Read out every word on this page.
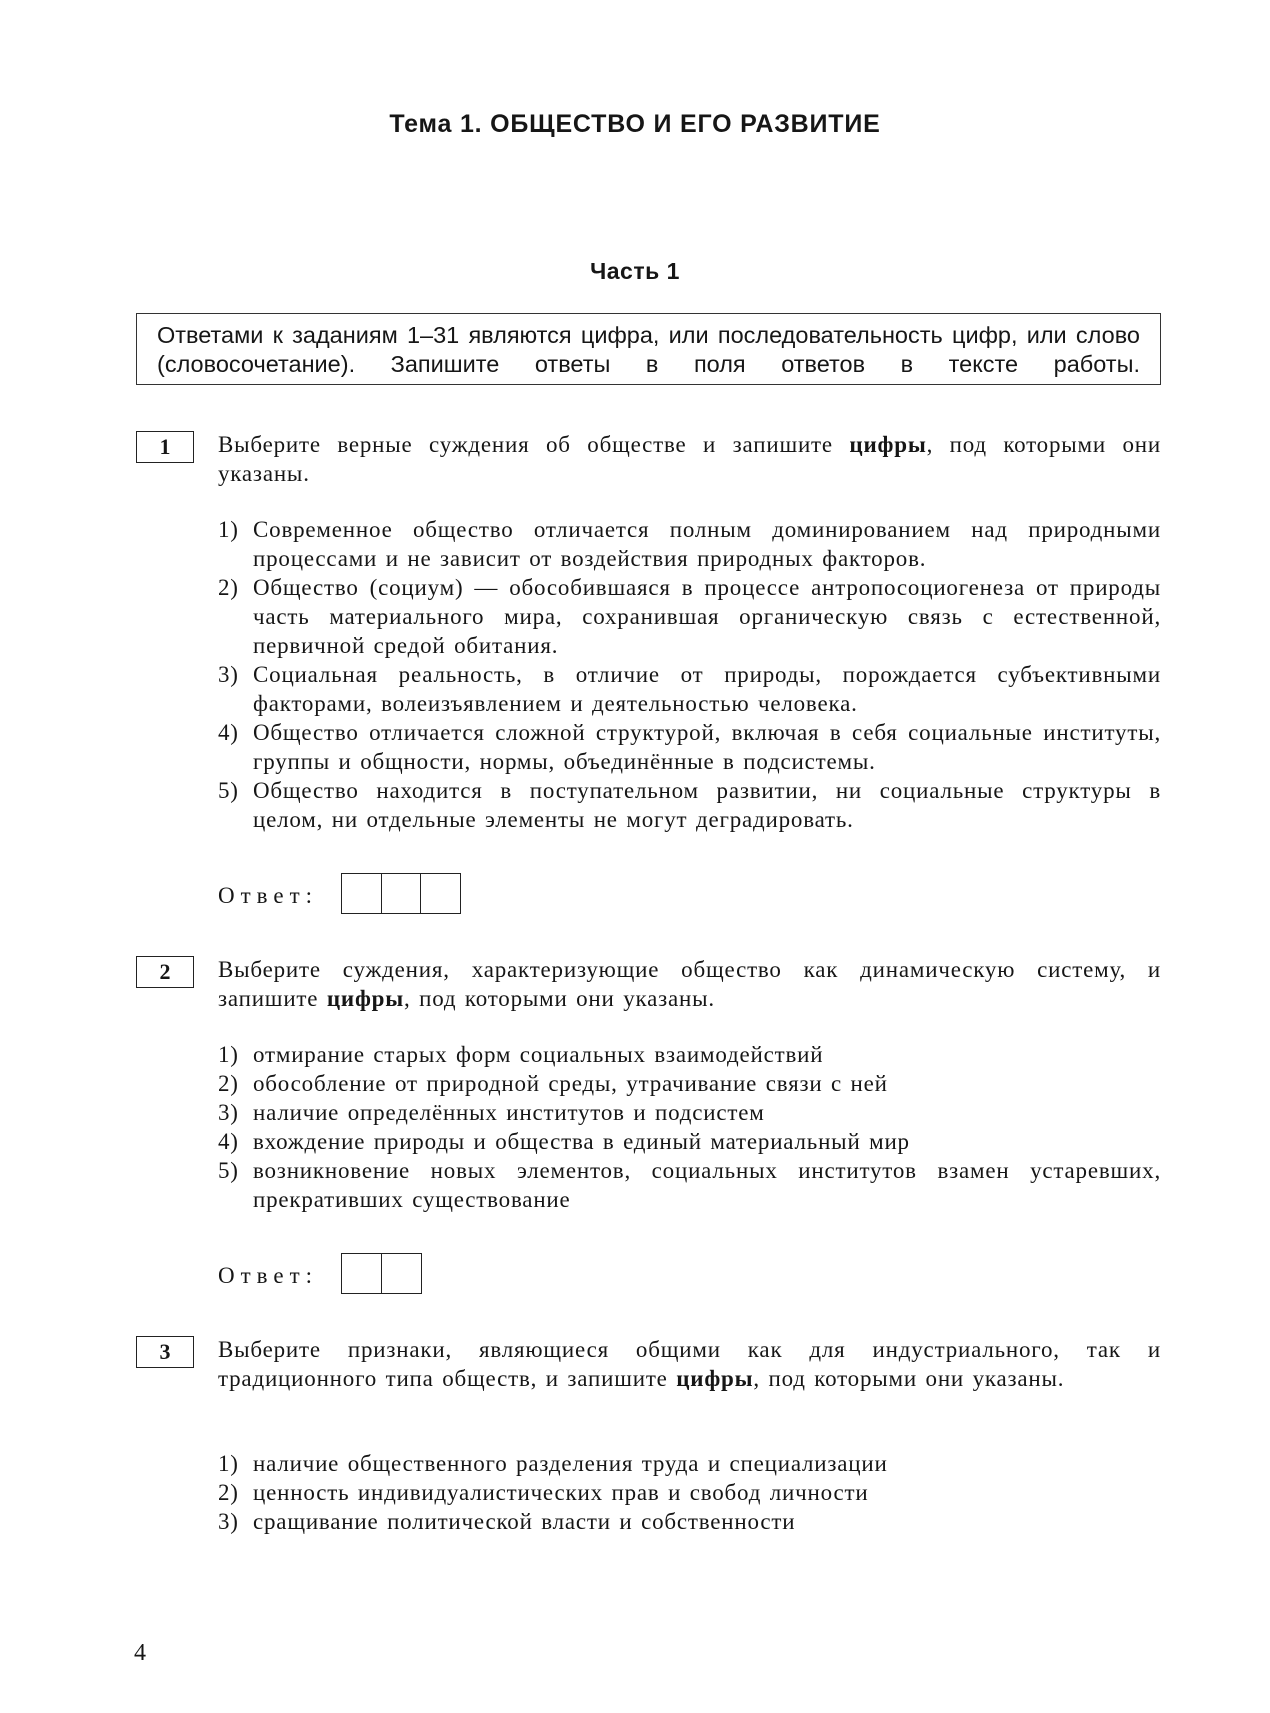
Тема 1. ОБЩЕСТВО И ЕГО РАЗВИТИЕ
Часть 1
Ответами к заданиям 1–31 являются цифра, или последовательность цифр, или слово (словосочетание). Запишите ответы в поля ответов в тексте работы.
1	Выберите верные суждения об обществе и запишите цифры, под которыми они указаны.
1) Современное общество отличается полным доминированием над природными процессами и не зависит от воздействия природных факторов.
2) Общество (социум) — обособившаяся в процессе антропосоциогенеза от природы часть материального мира, сохранившая органическую связь с естественной, первичной средой обитания.
3) Социальная реальность, в отличие от природы, порождается субъективными факторами, волеизъявлением и деятельностью человека.
4) Общество отличается сложной структурой, включая в себя социальные институты, группы и общности, нормы, объединённые в подсистемы.
5) Общество находится в поступательном развитии, ни социальные структуры в целом, ни отдельные элементы не могут деградировать.
Ответ:
2	Выберите суждения, характеризующие общество как динамическую систему, и запишите цифры, под которыми они указаны.
1) отмирание старых форм социальных взаимодействий
2) обособление от природной среды, утрачивание связи с ней
3) наличие определённых институтов и подсистем
4) вхождение природы и общества в единый материальный мир
5) возникновение новых элементов, социальных институтов взамен устаревших, прекративших существование
Ответ:
3	Выберите признаки, являющиеся общими как для индустриального, так и традиционного типа обществ, и запишите цифры, под которыми они указаны.
1) наличие общественного разделения труда и специализации
2) ценность индивидуалистических прав и свобод личности
3) сращивание политической власти и собственности
4
